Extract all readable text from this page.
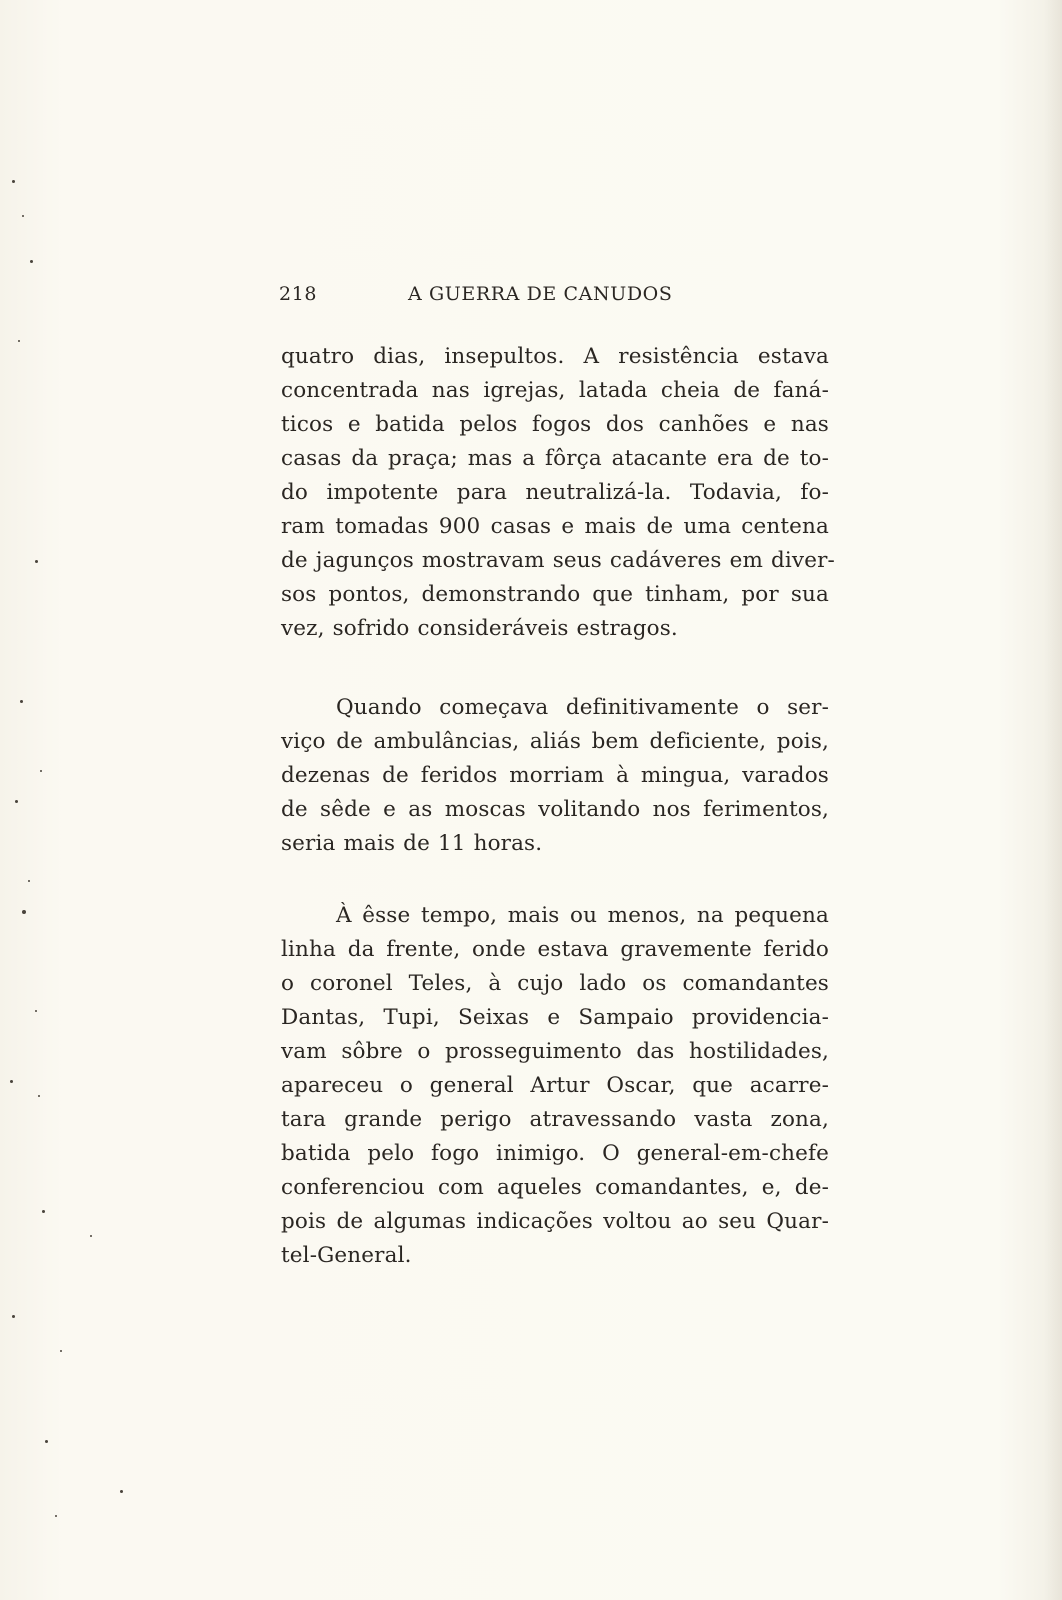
218	A GUERRA DE CANUDOS
quatro dias, insepultos. A resistência estava
concentrada nas igrejas, latada cheia de faná-
ticos e batida pelos fogos dos canhões e nas
casas da praça; mas a fôrça atacante era de to-
do impotente para neutralizá-la. Todavia, fo-
ram tomadas 900 casas e mais de uma centena
de jagunços mostravam seus cadáveres em diver-
sos pontos, demonstrando que tinham, por sua
vez, sofrido consideráveis estragos.
Quando começava definitivamente o ser-
viço de ambulâncias, aliás bem deficiente, pois,
dezenas de feridos morriam à mingua, varados
de sêde e as moscas volitando nos ferimentos,
seria mais de 11 horas.
À êsse tempo, mais ou menos, na pequena
linha da frente, onde estava gravemente ferido
o coronel Teles, à cujo lado os comandantes
Dantas, Tupi, Seixas e Sampaio providencia-
vam sôbre o prosseguimento das hostilidades,
apareceu o general Artur Oscar, que acarre-
tara grande perigo atravessando vasta zona,
batida pelo fogo inimigo. O general-em-chefe
conferenciou com aqueles comandantes, e, de-
pois de algumas indicações voltou ao seu Quar-
tel-General.
